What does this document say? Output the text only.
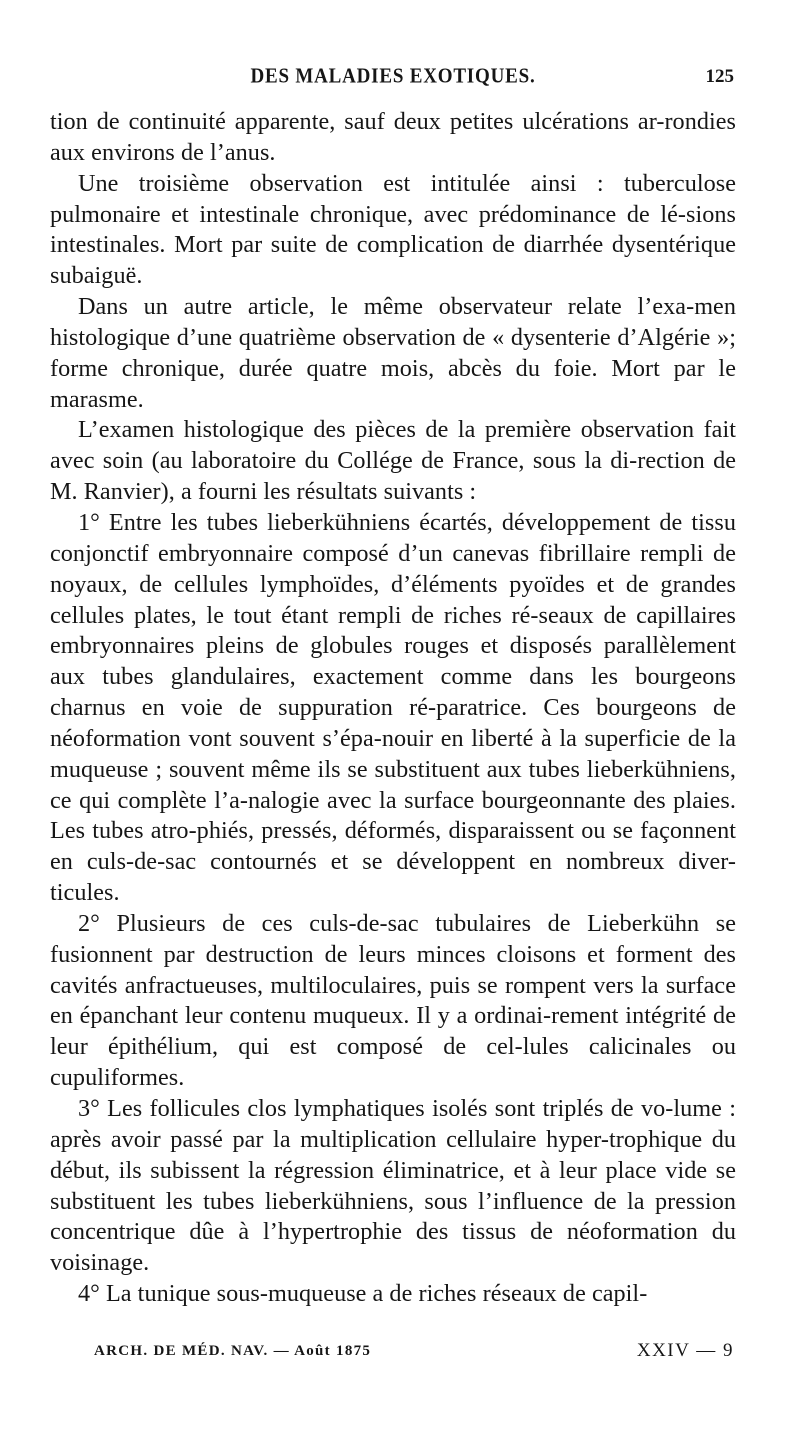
DES MALADIES EXOTIQUES.	125

tion de continuité apparente, sauf deux petites ulcérations ar-rondies aux environs de l’anus.

Une troisième observation est intitulée ainsi : tuberculose pulmonaire et intestinale chronique, avec prédominance de lé-sions intestinales. Mort par suite de complication de diarrhée dysentérique subaiguë.

Dans un autre article, le même observateur relate l’exa-men histologique d’une quatrième observation de « dysenterie d’Algérie »; forme chronique, durée quatre mois, abcès du foie. Mort par le marasme.

L’examen histologique des pièces de la première observation fait avec soin (au laboratoire du Collége de France, sous la di-rection de M. Ranvier), a fourni les résultats suivants :

1° Entre les tubes lieberkühniens écartés, développement de tissu conjonctif embryonnaire composé d’un canevas fibrillaire rempli de noyaux, de cellules lymphoïdes, d’éléments pyoïdes et de grandes cellules plates, le tout étant rempli de riches ré-seaux de capillaires embryonnaires pleins de globules rouges et disposés parallèlement aux tubes glandulaires, exactement comme dans les bourgeons charnus en voie de suppuration ré-paratrice. Ces bourgeons de néoformation vont souvent s’épa-nouir en liberté à la superficie de la muqueuse ; souvent même ils se substituent aux tubes lieberkühniens, ce qui complète l’a-nalogie avec la surface bourgeonnante des plaies. Les tubes atro-phiés, pressés, déformés, disparaissent ou se façonnent en culs-de-sac contournés et se développent en nombreux diver-ticules.

2° Plusieurs de ces culs-de-sac tubulaires de Lieberkühn se fusionnent par destruction de leurs minces cloisons et forment des cavités anfractueuses, multiloculaires, puis se rompent vers la surface en épanchant leur contenu muqueux. Il y a ordinai-rement intégrité de leur épithélium, qui est composé de cel-lules calicinales ou cupuliformes.

3° Les follicules clos lymphatiques isolés sont triplés de vo-lume : après avoir passé par la multiplication cellulaire hyper-trophique du début, ils subissent la régression éliminatrice, et à leur place vide se substituent les tubes lieberkühniens, sous l’influence de la pression concentrique dûe à l’hypertrophie des tissus de néoformation du voisinage.

4° La tunique sous-muqueuse a de riches réseaux de capil-

ARCH. DE MÉD. NAV. — Août 1875	XXIV — 9
